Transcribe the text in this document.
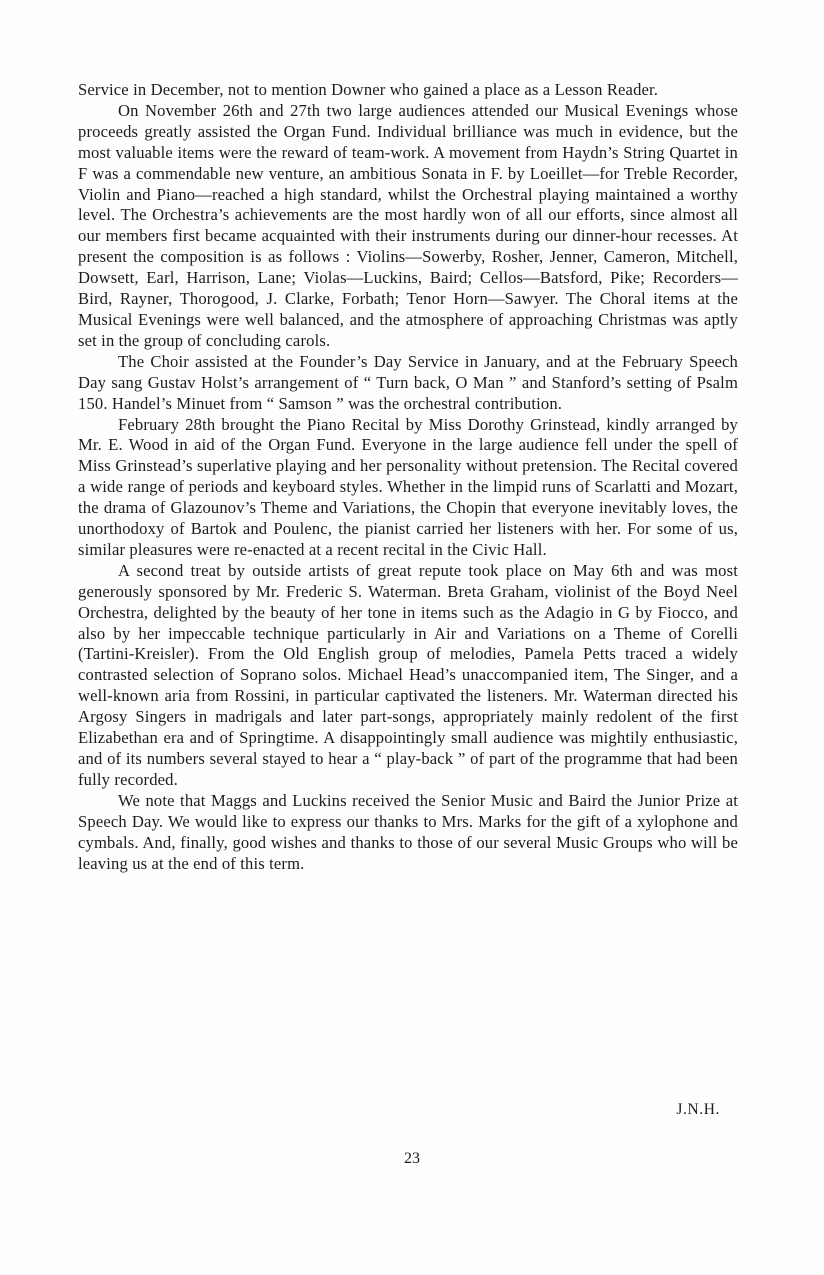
Service in December, not to mention Downer who gained a place as a Lesson Reader.

On November 26th and 27th two large audiences attended our Musical Evenings whose proceeds greatly assisted the Organ Fund. Individual brilliance was much in evidence, but the most valuable items were the reward of team-work. A movement from Haydn’s String Quartet in F was a commendable new venture, an ambitious Sonata in F. by Loeillet—for Treble Recorder, Violin and Piano—reached a high standard, whilst the Orchestral playing maintained a worthy level. The Orchestra’s achievements are the most hardly won of all our efforts, since almost all our members first became acquainted with their instruments during our dinner-hour recesses. At present the composition is as follows : Violins—Sowerby, Rosher, Jenner, Cameron, Mitchell, Dowsett, Earl, Harrison, Lane; Violas—Luckins, Baird; Cellos—Batsford, Pike; Recorders—Bird, Rayner, Thorogood, J. Clarke, Forbath; Tenor Horn—Sawyer. The Choral items at the Musical Evenings were well balanced, and the atmosphere of approaching Christmas was aptly set in the group of concluding carols.

The Choir assisted at the Founder’s Day Service in January, and at the February Speech Day sang Gustav Holst’s arrangement of “ Turn back, O Man ” and Stanford’s setting of Psalm 150. Handel’s Minuet from “ Samson ” was the orchestral contribution.

February 28th brought the Piano Recital by Miss Dorothy Grinstead, kindly arranged by Mr. E. Wood in aid of the Organ Fund. Everyone in the large audience fell under the spell of Miss Grinstead’s superlative playing and her personality without pretension. The Recital covered a wide range of periods and keyboard styles. Whether in the limpid runs of Scarlatti and Mozart, the drama of Glazounov’s Theme and Variations, the Chopin that everyone inevitably loves, the unorthodoxy of Bartok and Poulenc, the pianist carried her listeners with her. For some of us, similar pleasures were re-enacted at a recent recital in the Civic Hall.

A second treat by outside artists of great repute took place on May 6th and was most generously sponsored by Mr. Frederic S. Waterman. Breta Graham, violinist of the Boyd Neel Orchestra, delighted by the beauty of her tone in items such as the Adagio in G by Fiocco, and also by her impeccable technique particularly in Air and Variations on a Theme of Corelli (Tartini-Kreisler). From the Old English group of melodies, Pamela Petts traced a widely contrasted selection of Soprano solos. Michael Head’s unaccompanied item, The Singer, and a well-known aria from Rossini, in particular captivated the listeners. Mr. Waterman directed his Argosy Singers in madrigals and later part-songs, appropriately mainly redolent of the first Elizabethan era and of Springtime. A disappointingly small audience was mightily enthusiastic, and of its numbers several stayed to hear a “ play-back ” of part of the programme that had been fully recorded.

We note that Maggs and Luckins received the Senior Music and Baird the Junior Prize at Speech Day. We would like to express our thanks to Mrs. Marks for the gift of a xylophone and cymbals. And, finally, good wishes and thanks to those of our several Music Groups who will be leaving us at the end of this term.

J.N.H.
23
